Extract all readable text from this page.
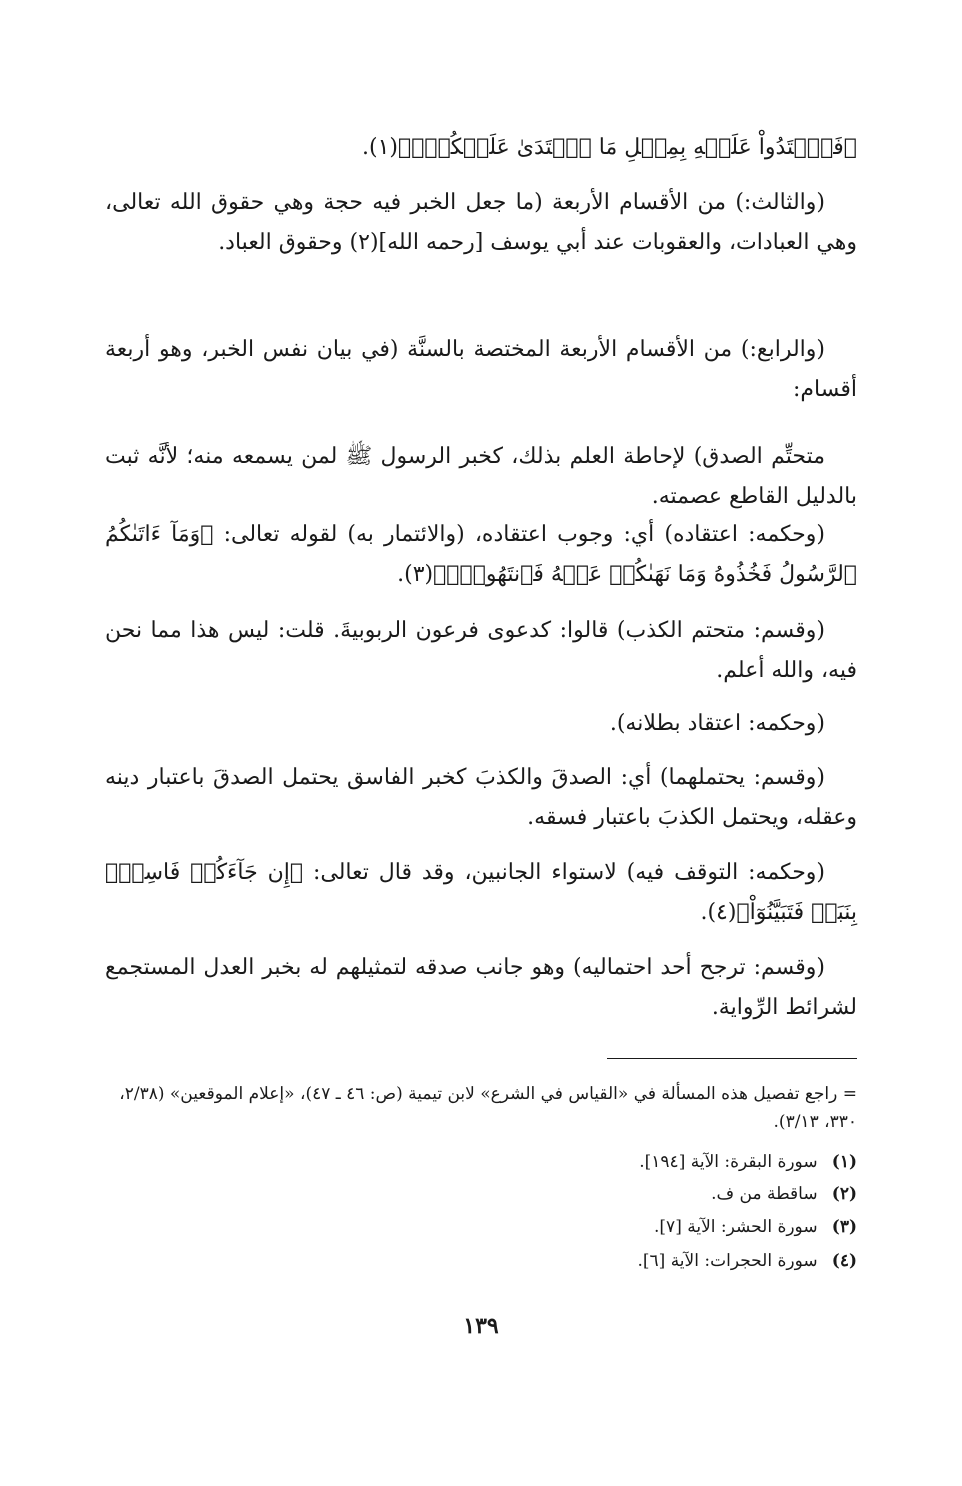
﴿فَٱعۡتَدُواْ عَلَيۡهِ بِمِثۡلِ مَا ٱعۡتَدَىٰ عَلَيۡكُمۡۚ﴾(١).

(والثالث:) من الأقسام الأربعة (ما جعل الخبر فيه حجة وهي حقوق الله تعالى، وهي العبادات، والعقوبات عند أبي يوسف [رحمه الله](٢) وحقوق العباد.

(والرابع:) من الأقسام الأربعة المختصة بالسنَّة (في بيان نفس الخبر، وهو أربعة أقسام:

متحتِّم الصدق) لإحاطة العلم بذلك، كخبر الرسول ﷺ لمن يسمعه منه؛ لأنَّه ثبت بالدليل القاطع عصمته.

(وحكمه: اعتقاده) أي: وجوب اعتقاده، (والائتمار به) لقوله تعالى: ﴿وَمَآ ءَاتَىٰكُمُ ٱلرَّسُولُ فَخُذُوهُ وَمَا نَهَىٰكُمۡ عَنۡهُ فَٱنتَهُواْۚ﴾(٣).

(وقسم: متحتم الكذب) قالوا: كدعوى فرعون الربوبيةَ. قلت: ليس هذا مما نحن فيه، والله أعلم.

(وحكمه: اعتقاد بطلانه).

(وقسم: يحتملهما) أي: الصدقَ والكذبَ كخبر الفاسق يحتمل الصدقَ باعتبار دينه وعقله، ويحتمل الكذبَ باعتبار فسقه.

(وحكمه: التوقف فيه) لاستواء الجانبين، وقد قال تعالى: ﴿إِن جَآءَكُمۡ فَاسِقُۢ بِنَبَإٖ فَتَبَيَّنُوٓاْ﴾(٤).

(وقسم: ترجح أحد احتماليه) وهو جانب صدقه لتمثيلهم له بخبر العدل المستجمع لشرائط الرِّواية.

= راجع تفصيل هذه المسألة في «القياس في الشرع» لابن تيمية (ص: ٤٦ ـ ٤٧)، «إعلام الموقعين» (٢/٣٨، ٣٣٠، ٣/١٣).

(١) سورة البقرة: الآية [١٩٤].

(٢) ساقطة من ف.

(٣) سورة الحشر: الآية [٧].

(٤) سورة الحجرات: الآية [٦].

١٣٩
